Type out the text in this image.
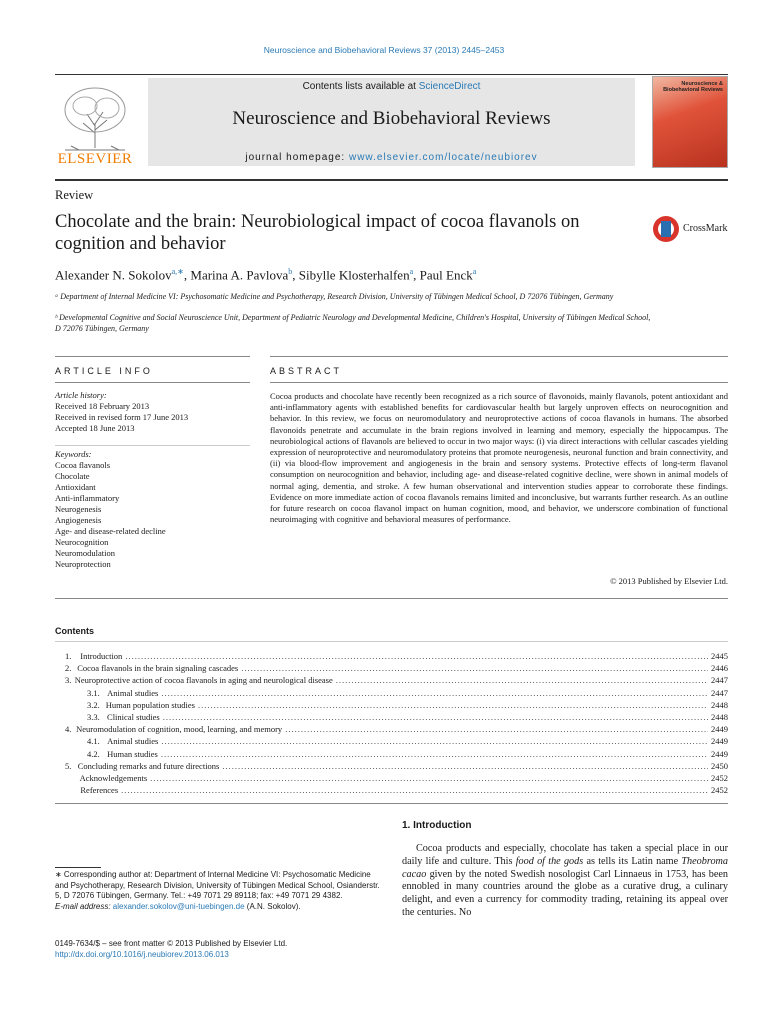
Neuroscience and Biobehavioral Reviews 37 (2013) 2445–2453
ELSEVIER
Contents lists available at ScienceDirect
Neuroscience and Biobehavioral Reviews
journal homepage: www.elsevier.com/locate/neubiorev
Neuroscience & Biobehavioral Reviews
Review
Chocolate and the brain: Neurobiological impact of cocoa flavanols on cognition and behavior
CrossMark
Alexander N. Sokolov$^{a,∗}$, Marina A. Pavlova$^b$, Sibylle Klosterhalfen$^a$, Paul Enck$^a$
ᵃ Department of Internal Medicine VI: Psychosomatic Medicine and Psychotherapy, Research Division, University of Tübingen Medical School, D 72076 Tübingen, Germany
ᵇ Developmental Cognitive and Social Neuroscience Unit, Department of Pediatric Neurology and Developmental Medicine, Children's Hospital, University of Tübingen Medical School, D 72076 Tübingen, Germany
ARTICLE INFO	ABSTRACT
Article history:
Received 18 February 2013
Received in revised form 17 June 2013
Accepted 18 June 2013
Keywords:
Cocoa flavanols
Chocolate
Antioxidant
Anti-inflammatory
Neurogenesis
Angiogenesis
Age- and disease-related decline
Neurocognition
Neuromodulation
Neuroprotection
Cocoa products and chocolate have recently been recognized as a rich source of flavonoids, mainly flavanols, potent antioxidant and anti-inflammatory agents with established benefits for cardiovascular health but largely unproven effects on neurocognition and behavior. In this review, we focus on neuromodulatory and neuroprotective actions of cocoa flavanols in humans. The absorbed flavonoids penetrate and accumulate in the brain regions involved in learning and memory, especially the hippocampus. The neurobiological actions of flavanols are believed to occur in two major ways: (i) via direct interactions with cellular cascades yielding expression of neuroprotective and neuromodulatory proteins that promote neurogenesis, neuronal function and brain connectivity, and (ii) via blood-flow improvement and angiogenesis in the brain and sensory systems. Protective effects of long-term flavanol consumption on neurocognition and behavior, including age- and disease-related cognitive decline, were shown in animal models of normal aging, dementia, and stroke. A few human observational and intervention studies appear to corroborate these findings. Evidence on more immediate action of cocoa flavanols remains limited and inconclusive, but warrants further research. As an outline for future research on cocoa flavanol impact on human cognition, mood, and behavior, we underscore combination of functional neuroimaging with cognitive and behavioral measures of performance.
© 2013 Published by Elsevier Ltd.
Contents
1.	Introduction .....	2445
2. Cocoa flavanols in the brain signaling cascades .....	2446
3. Neuroprotective action of cocoa flavanols in aging and neurological disease .....	2447
3.1. Animal studies .....	2447
3.2. Human population studies .....	2448
3.3. Clinical studies .....	2448
4. Neuromodulation of cognition, mood, learning, and memory .....	2449
4.1. Animal studies .....	2449
4.2. Human studies .....	2449
5. Concluding remarks and future directions .....	2450
Acknowledgements .....	2452
References .....	2452
1. Introduction
Cocoa products and especially, chocolate has taken a special place in our daily life and culture. This food of the gods as tells its Latin name Theobroma cacao given by the noted Swedish nosologist Carl Linnaeus in 1753, has been ennobled in many countries around the globe as a curative drug, a culinary delight, and even a currency for commodity trading, retaining its appeal over the centuries. No
∗ Corresponding author at: Department of Internal Medicine VI: Psychosomatic Medicine and Psychotherapy, Research Division, University of Tübingen Medical School, Osianderstr. 5, D 72076 Tübingen, Germany. Tel.: +49 7071 29 89118; fax: +49 7071 29 4382.
E-mail address: alexander.sokolov@uni-tuebingen.de (A.N. Sokolov).
0149-7634/$ – see front matter © 2013 Published by Elsevier Ltd.
http://dx.doi.org/10.1016/j.neubiorev.2013.06.013
